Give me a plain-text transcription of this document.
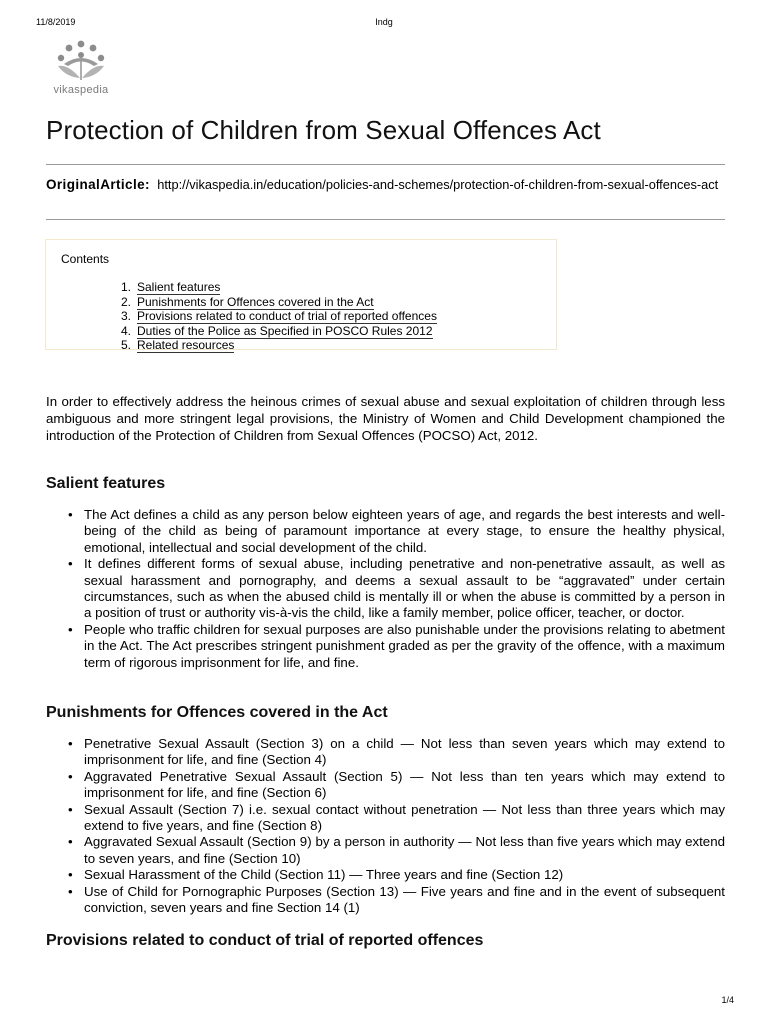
11/8/2019	Indg
vikaspedia
Protection of Children from Sexual Offences Act
OriginalArticle: http://vikaspedia.in/education/policies-and-schemes/protection-of-children-from-sexual-offences-act
Contents
1. Salient features
2. Punishments for Offences covered in the Act
3. Provisions related to conduct of trial of reported offences
4. Duties of the Police as Specified in POSCO Rules 2012
5. Related resources

In order to effectively address the heinous crimes of sexual abuse and sexual exploitation of children through less ambiguous and more stringent legal provisions, the Ministry of Women and Child Development championed the introduction of the Protection of Children from Sexual Offences (POCSO) Act, 2012.

Salient features
• The Act defines a child as any person below eighteen years of age, and regards the best interests and well-being of the child as being of paramount importance at every stage, to ensure the healthy physical, emotional, intellectual and social development of the child.
• It defines different forms of sexual abuse, including penetrative and non-penetrative assault, as well as sexual harassment and pornography, and deems a sexual assault to be “aggravated” under certain circumstances, such as when the abused child is mentally ill or when the abuse is committed by a person in a position of trust or authority vis-à-vis the child, like a family member, police officer, teacher, or doctor.
• People who traffic children for sexual purposes are also punishable under the provisions relating to abetment in the Act. The Act prescribes stringent punishment graded as per the gravity of the offence, with a maximum term of rigorous imprisonment for life, and fine.
Punishments for Offences covered in the Act
• Penetrative Sexual Assault (Section 3) on a child — Not less than seven years which may extend to imprisonment for life, and fine (Section 4)
• Aggravated Penetrative Sexual Assault (Section 5) — Not less than ten years which may extend to imprisonment for life, and fine (Section 6)
• Sexual Assault (Section 7) i.e. sexual contact without penetration — Not less than three years which may extend to five years, and fine (Section 8)
• Aggravated Sexual Assault (Section 9) by a person in authority — Not less than five years which may extend to seven years, and fine (Section 10)
• Sexual Harassment of the Child (Section 11) — Three years and fine (Section 12)
• Use of Child for Pornographic Purposes (Section 13) — Five years and fine and in the event of subsequent conviction, seven years and fine Section 14 (1)
Provisions related to conduct of trial of reported offences
1/4
